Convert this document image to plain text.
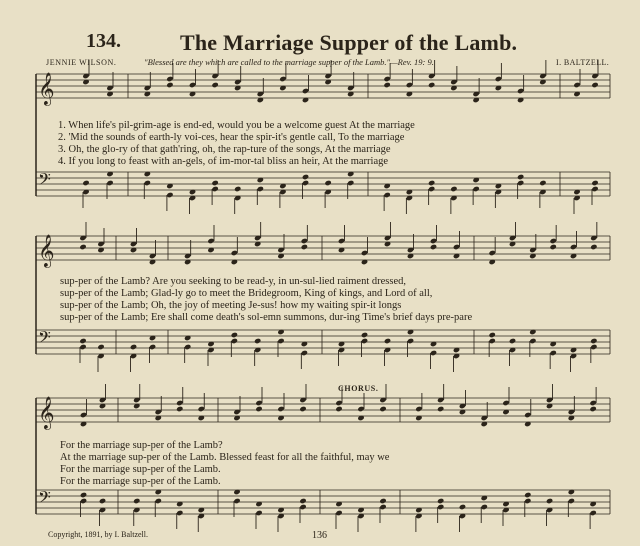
134.	The Marriage Supper of the Lamb.
JENNIE WILSON.	"Blessed are they which are called to the marriage supper of the Lamb."—Rev. 19: 9.	I. BALTZELL.
𝄞
𝄢
𝄞
𝄢
𝄞
𝄢
1. When life's pil-grim-age is end-ed, would you be a welcome guest At the marriage
2. 'Mid the sounds of earth-ly voi-ces, hear the spir-it's gentle call, To the marriage
3. Oh, the glo-ry of that gath'ring, oh, the rap-ture of the songs, At the marriage
4. If you long to feast with an-gels, of im-mor-tal bliss an heir, At the marriage
sup-per of the Lamb? Are you seeking to be read-y, in un-sul-lied raiment dressed,
sup-per of the Lamb; Glad-ly go to meet the Bridegroom, King of kings, and Lord of all,
sup-per of the Lamb; Oh, the joy of meeting Je-sus! how my waiting spir-it longs
sup-per of the Lamb; Ere shall come death's sol-emn summons, dur-ing Time's brief days pre-pare
CHORUS.
For the marriage sup-per of the Lamb?
At the marriage sup-per of the Lamb. Blessed feast for all the faithful, may we
For the marriage sup-per of the Lamb.
For the marriage sup-per of the Lamb.
Copyright, 1891, by I. Baltzell.	136
